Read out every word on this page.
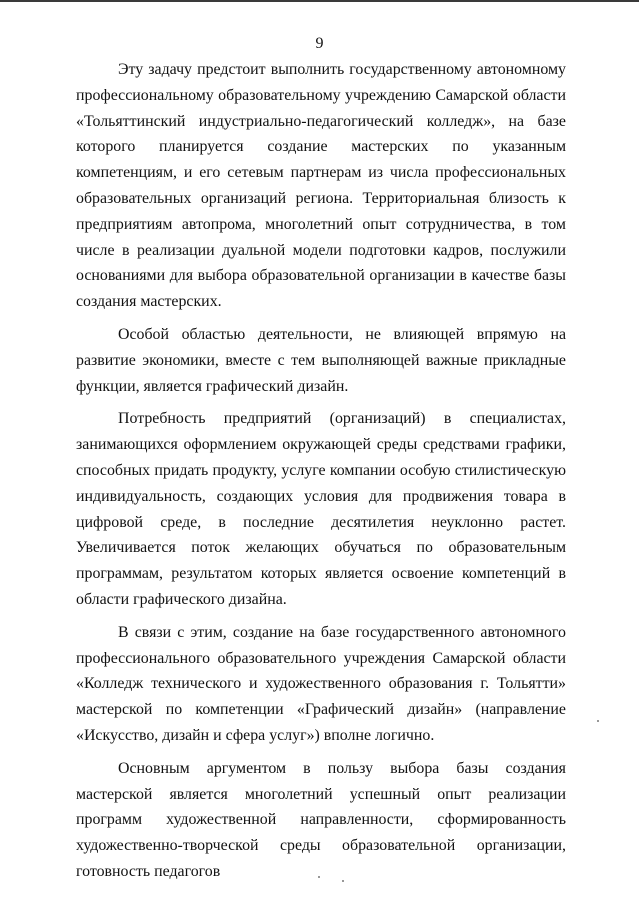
9

Эту задачу предстоит выполнить государственному автономному профессиональному образовательному учреждению Самарской области «Тольяттинский индустриально-педагогический колледж», на базе которого планируется создание мастерских по указанным компетенциям, и его сетевым партнерам из числа профессиональных образовательных организаций региона. Территориальная близость к предприятиям автопрома, многолетний опыт сотрудничества, в том числе в реализации дуальной модели подготовки кадров, послужили основаниями для выбора образовательной организации в качестве базы создания мастерских.

Особой областью деятельности, не влияющей впрямую на развитие экономики, вместе с тем выполняющей важные прикладные функции, является графический дизайн.

Потребность предприятий (организаций) в специалистах, занимающихся оформлением окружающей среды средствами графики, способных придать продукту, услуге компании особую стилистическую индивидуальность, создающих условия для продвижения товара в цифровой среде, в последние десятилетия неуклонно растет. Увеличивается поток желающих обучаться по образовательным программам, результатом которых является освоение компетенций в области графического дизайна.

В связи с этим, создание на базе государственного автономного профессионального образовательного учреждения Самарской области «Колледж технического и художественного образования г. Тольятти» мастерской по компетенции «Графический дизайн» (направление «Искусство, дизайн и сфера услуг») вполне логично.

Основным аргументом в пользу выбора базы создания мастерской является многолетний успешный опыт реализации программ художественной направленности, сформированность художественно-творческой среды образовательной организации, готовность педагогов
